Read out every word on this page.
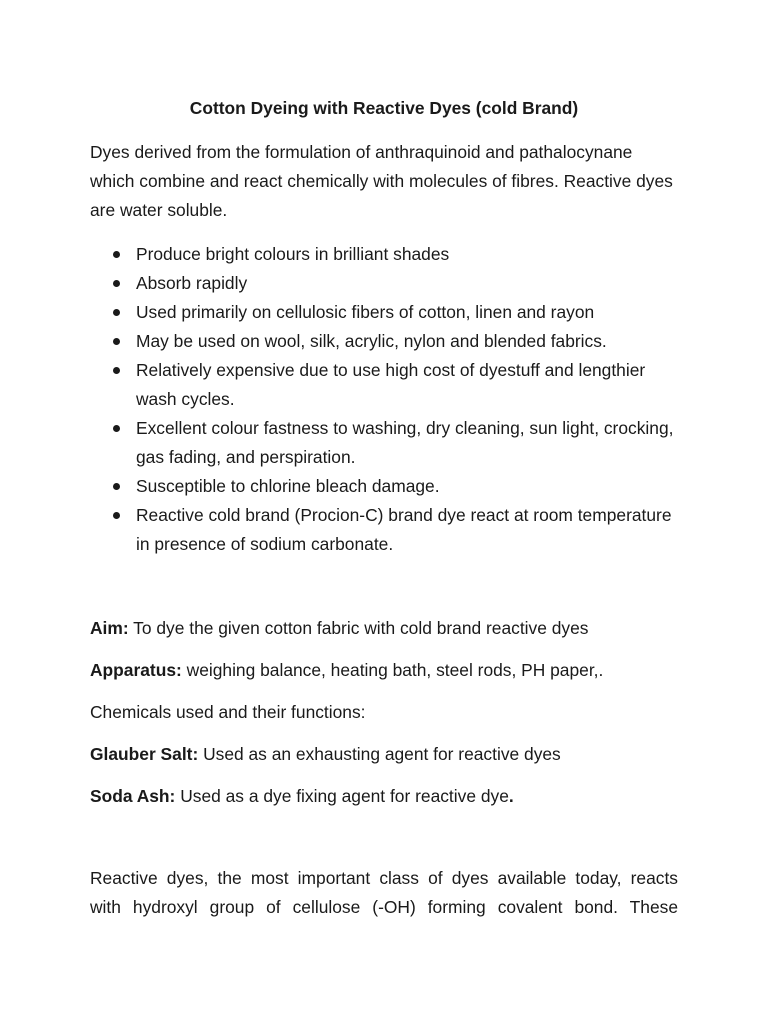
Cotton Dyeing with Reactive Dyes (cold Brand)

Dyes derived from the formulation of anthraquinoid and pathalocynane which combine and react chemically with molecules of fibres. Reactive dyes are water soluble.

Produce bright colours in brilliant shades
Absorb rapidly
Used primarily on cellulosic fibers of cotton, linen and rayon
May be used on wool, silk, acrylic, nylon and blended fabrics.
Relatively expensive due to use high cost of dyestuff and lengthier wash cycles.
Excellent colour fastness to washing, dry cleaning, sun light, crocking, gas fading, and perspiration.
Susceptible to chlorine bleach damage.
Reactive cold brand (Procion-C) brand dye react at room temperature in presence of sodium carbonate.

Aim: To dye the given cotton fabric with cold brand reactive dyes

Apparatus: weighing balance, heating bath, steel rods, PH paper,.

Chemicals used and their functions:

Glauber Salt: Used as an exhausting agent for reactive dyes

Soda Ash: Used as a dye fixing agent for reactive dye.

Reactive dyes, the most important class of dyes available today, reacts
with hydroxyl group of cellulose (-OH) forming covalent bond. These
